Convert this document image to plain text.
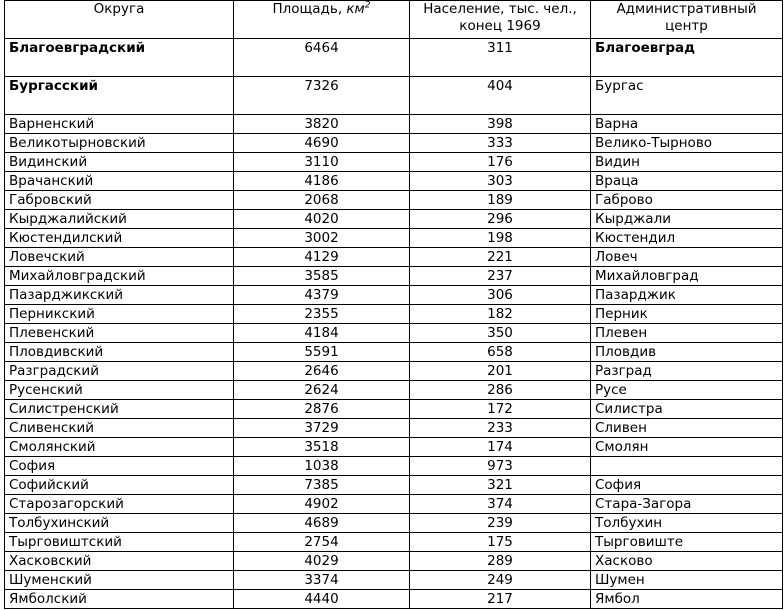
Округа	Площадь, $км^2$	Население, тыс. чел., конец 1969	Административный центр
Благоевградский	6464	311	Благоевград
Бургасский	7326	404	Бургас
Варненский	3820	398	Варна
Великотырновский	4690	333	Велико-Тырново
Видинский	3110	176	Видин
Врачанский	4186	303	Враца
Габровский	2068	189	Габрово
Кырджалийский	4020	296	Кырджали
Кюстендилский	3002	198	Кюстендил
Ловечский	4129	221	Ловеч
Михайловградский	3585	237	Михайловград
Пазарджикский	4379	306	Пазарджик
Перникский	2355	182	Перник
Плевенский	4184	350	Плевен
Пловдивский	5591	658	Пловдив
Разградский	2646	201	Разград
Русенский	2624	286	Русе
Силистренский	2876	172	Силистра
Сливенский	3729	233	Сливен
Смолянский	3518	174	Смолян
София	1038	973	
Софийский	7385	321	София
Старозагорский	4902	374	Стара-Загора
Толбухинский	4689	239	Толбухин
Тырговиштский	2754	175	Тырговиште
Хасковский	4029	289	Хасково
Шуменский	3374	249	Шумен
Ямболский	4440	217	Ямбол
